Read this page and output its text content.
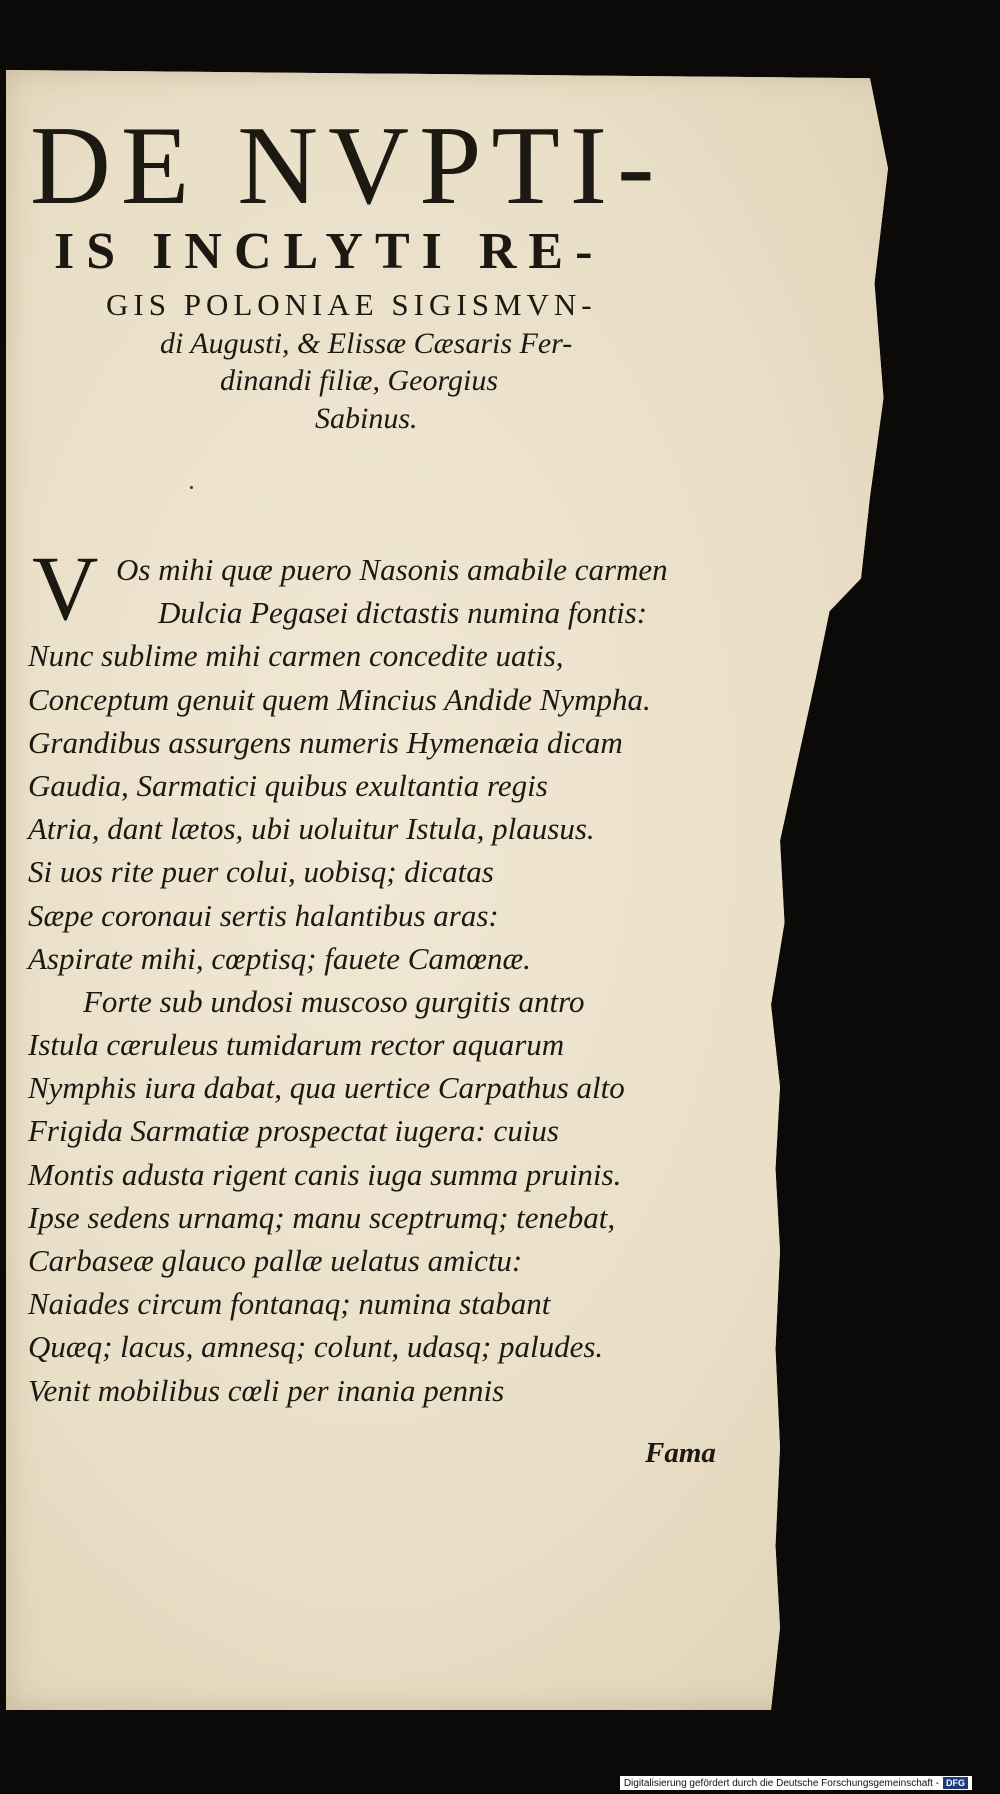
DE NVPTI-
IS INCLYTI RE-
GIS POLONIAE SIGISMVN-
di Augusti, & Elissæ Cæsaris Fer-
dinandi filiæ, Georgius
Sabinus.
V Os mihi quæ puero Nasonis amabile carmen
Dulcia Pegasei dictastis numina fontis:
Nunc sublime mihi carmen concedite uatis,
Conceptum genuit quem Mincius Andide Nympha.
Grandibus assurgens numeris Hymenæia dicam
Gaudia, Sarmatici quibus exultantia regis
Atria, dant lætos, ubi uoluitur Istula, plausus.
Si uos rite puer colui, uobisq; dicatas
Sæpe coronaui sertis halantibus aras:
Aspirate mihi, cœptisq; fauete Camœnæ.
Forte sub undosi muscoso gurgitis antro
Istula cæruleus tumidarum rector aquarum
Nymphis iura dabat, qua uertice Carpathus alto
Frigida Sarmatiæ prospectat iugera: cuius
Montis adusta rigent canis iuga summa pruinis.
Ipse sedens urnamq; manu sceptrumq; tenebat,
Carbaseæ glauco pallæ uelatus amictu:
Naiades circum fontanaq; numina stabant
Quæq; lacus, amnesq; colunt, udasq; paludes.
Venit mobilibus cœli per inania pennis
Fama
Digitalisierung gefördert durch die Deutsche Forschungsgemeinschaft - DFG
